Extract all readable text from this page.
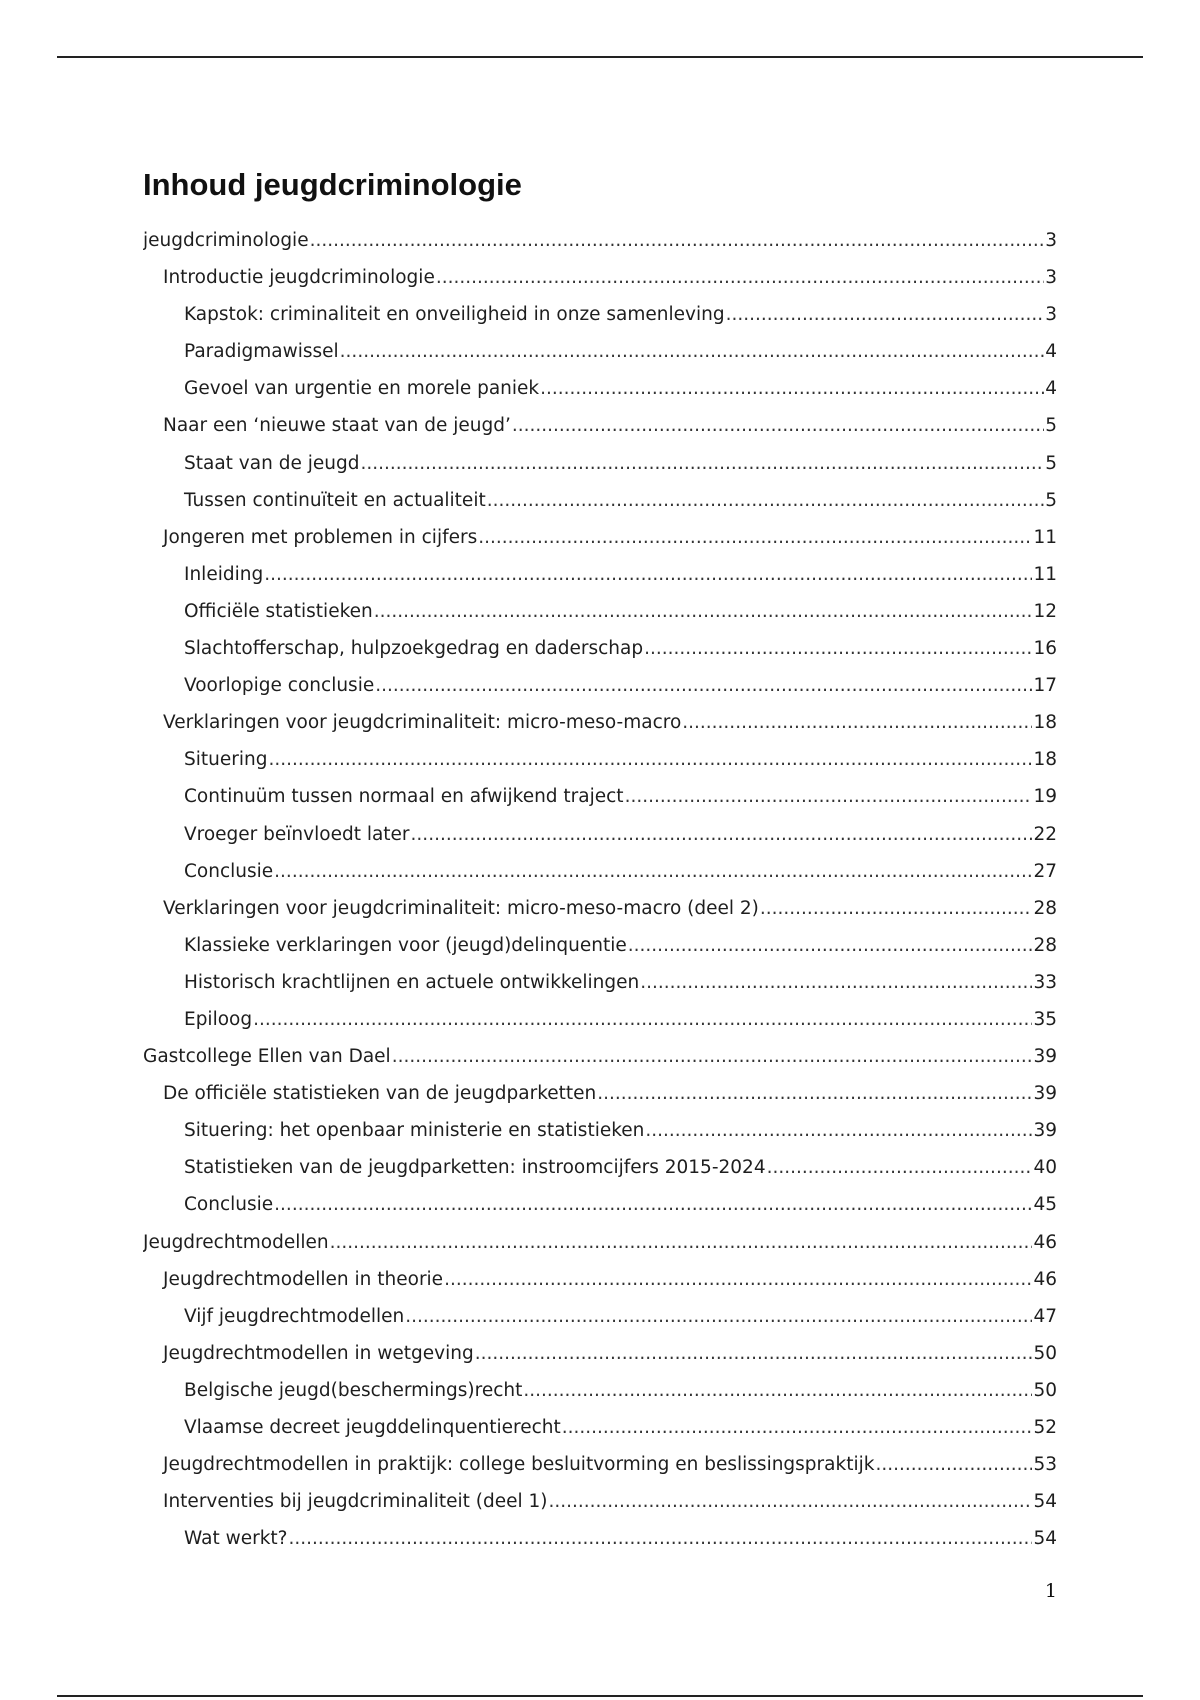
Inhoud jeugdcriminologie
jeugdcriminologie .....	3
Introductie jeugdcriminologie .....	3
Kapstok: criminaliteit en onveiligheid in onze samenleving .....	3
Paradigmawissel .....	4
Gevoel van urgentie en morele paniek .....	4
Naar een ‘nieuwe staat van de jeugd’ .....	5
Staat van de jeugd .....	5
Tussen continuïteit en actualiteit .....	5
Jongeren met problemen in cijfers .....	11
Inleiding .....	11
Officiële statistieken .....	12
Slachtofferschap, hulpzoekgedrag en daderschap .....	16
Voorlopige conclusie .....	17
Verklaringen voor jeugdcriminaliteit: micro-meso-macro .....	18
Situering .....	18
Continuüm tussen normaal en afwijkend traject .....	19
Vroeger beïnvloedt later .....	22
Conclusie .....	27
Verklaringen voor jeugdcriminaliteit: micro-meso-macro (deel 2) .....	28
Klassieke verklaringen voor (jeugd)delinquentie .....	28
Historisch krachtlijnen en actuele ontwikkelingen .....	33
Epiloog .....	35
Gastcollege Ellen van Dael .....	39
De officiële statistieken van de jeugdparketten .....	39
Situering: het openbaar ministerie en statistieken .....	39
Statistieken van de jeugdparketten: instroomcijfers 2015-2024 .....	40
Conclusie .....	45
Jeugdrechtmodellen .....	46
Jeugdrechtmodellen in theorie .....	46
Vijf jeugdrechtmodellen .....	47
Jeugdrechtmodellen in wetgeving .....	50
Belgische jeugd(beschermings)recht .....	50
Vlaamse decreet jeugddelinquentierecht .....	52
Jeugdrechtmodellen in praktijk: college besluitvorming en beslissingspraktijk .....	53
Interventies bij jeugdcriminaliteit (deel 1) .....	54
Wat werkt? .....	54
1
